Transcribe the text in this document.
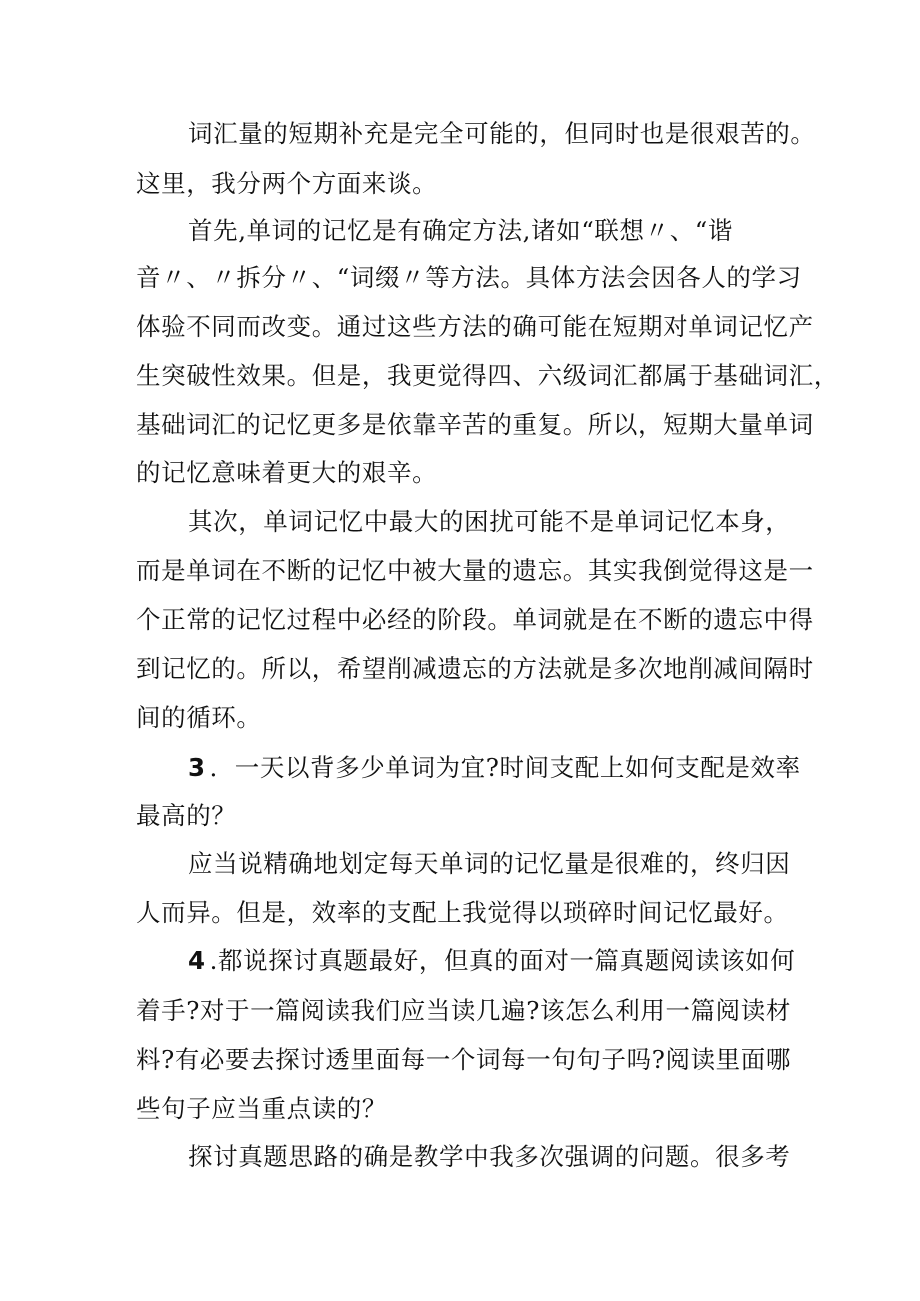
词汇量的短期补充是完全可能的，但同时也是很艰苦的。

这里，我分两个方面来谈。

首先,单词的记忆是有确定方法,诸如“联想〃、“谐

音〃、〃拆分〃、“词缀〃等方法。具体方法会因各人的学习

体验不同而改变。通过这些方法的确可能在短期对单词记忆产

生突破性效果。但是，我更觉得四、六级词汇都属于基础词汇，

基础词汇的记忆更多是依靠辛苦的重复。所以，短期大量单词

的记忆意味着更大的艰辛。

其次，单词记忆中最大的困扰可能不是单词记忆本身，

而是单词在不断的记忆中被大量的遗忘。其实我倒觉得这是一

个正常的记忆过程中必经的阶段。单词就是在不断的遗忘中得

到记忆的。所以，希望削减遗忘的方法就是多次地削减间隔时

间的循环。

3 ．一天以背多少单词为宜?时间支配上如何支配是效率

最高的？

应当说精确地划定每天单词的记忆量是很难的，终归因

人而异。但是，效率的支配上我觉得以琐碎时间记忆最好。

4 .都说探讨真题最好，但真的面对一篇真题阅读该如何

着手?对于一篇阅读我们应当读几遍?该怎么利用一篇阅读材

料?有必要去探讨透里面每一个词每一句句子吗?阅读里面哪

些句子应当重点读的？

探讨真题思路的确是教学中我多次强调的问题。很多考
